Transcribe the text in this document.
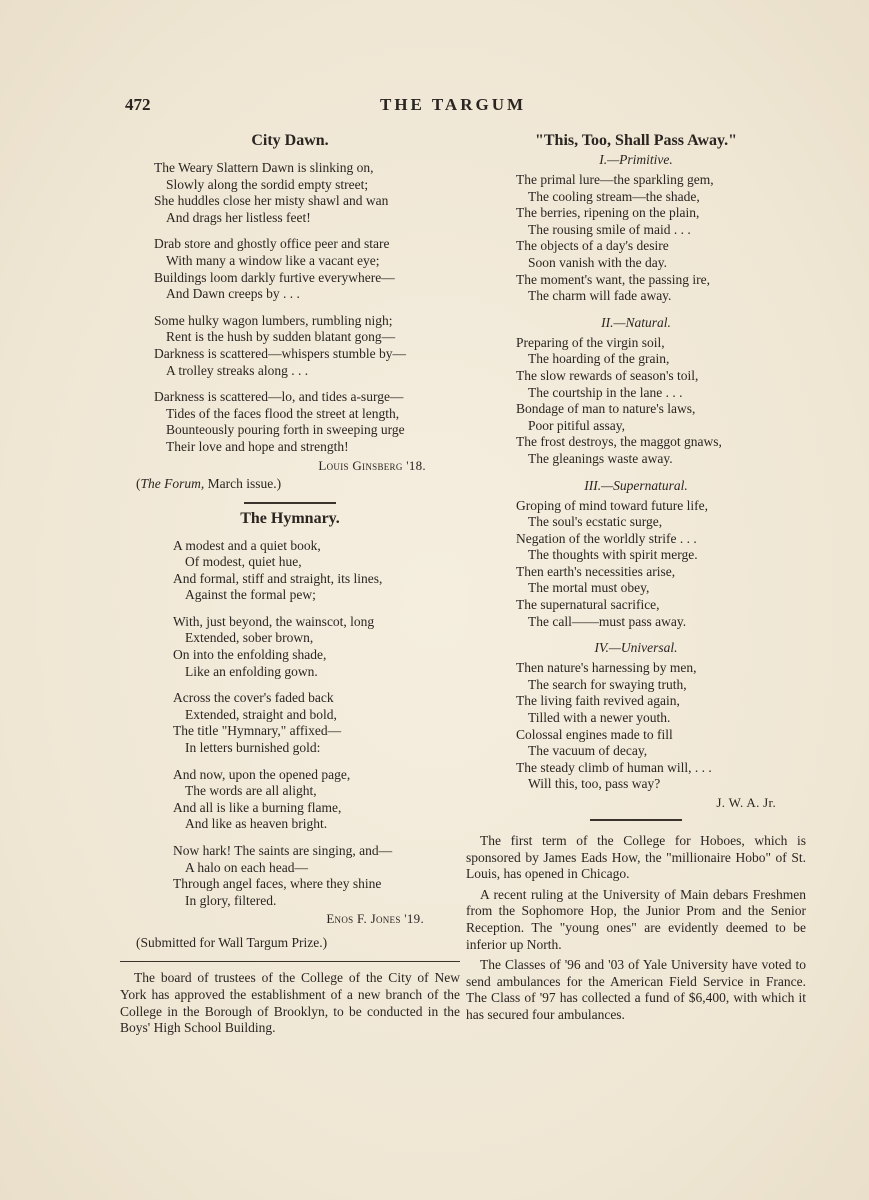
472	THE TARGUM
City Dawn.
The Weary Slattern Dawn is slinking on,
Slowly along the sordid empty street;
She huddles close her misty shawl and wan
And drags her listless feet!
Drab store and ghostly office peer and stare
With many a window like a vacant eye;
Buildings loom darkly furtive everywhere—
And Dawn creeps by . . .
Some hulky wagon lumbers, rumbling nigh;
Rent is the hush by sudden blatant gong—
Darkness is scattered—whispers stumble by—
A trolley streaks along . . .
Darkness is scattered—lo, and tides a-surge—
Tides of the faces flood the street at length,
Bounteously pouring forth in sweeping urge
Their love and hope and strength!
Louis Ginsberg '18.
(The Forum, March issue.)
The Hymnary.
A modest and a quiet book,
Of modest, quiet hue,
And formal, stiff and straight, its lines,
Against the formal pew;
With, just beyond, the wainscot, long
Extended, sober brown,
On into the enfolding shade,
Like an enfolding gown.
Across the cover's faded back
Extended, straight and bold,
The title "Hymnary," affixed—
In letters burnished gold:
And now, upon the opened page,
The words are all alight,
And all is like a burning flame,
And like as heaven bright.
Now hark! The saints are singing, and—
A halo on each head—
Through angel faces, where they shine
In glory, filtered.
Enos F. Jones '19.
(Submitted for Wall Targum Prize.)

The board of trustees of the College of the City of New York has approved the establishment of a new branch of the College in the Borough of Brooklyn, to be conducted in the Boys' High School Building.

"This, Too, Shall Pass Away."
I.—Primitive.
The primal lure—the sparkling gem,
The cooling stream—the shade,
The berries, ripening on the plain,
The rousing smile of maid . . .
The objects of a day's desire
Soon vanish with the day.
The moment's want, the passing ire,
The charm will fade away.
II.—Natural.
Preparing of the virgin soil,
The hoarding of the grain,
The slow rewards of season's toil,
The courtship in the lane . . .
Bondage of man to nature's laws,
Poor pitiful assay,
The frost destroys, the maggot gnaws,
The gleanings waste away.
III.—Supernatural.
Groping of mind toward future life,
The soul's ecstatic surge,
Negation of the worldly strife . . .
The thoughts with spirit merge.
Then earth's necessities arise,
The mortal must obey,
The supernatural sacrifice,
The call——must pass away.
IV.—Universal.
Then nature's harnessing by men,
The search for swaying truth,
The living faith revived again,
Tilled with a newer youth.
Colossal engines made to fill
The vacuum of decay,
The steady climb of human will, . . .
Will this, too, pass way?
J. W. A. Jr.

The first term of the College for Hoboes, which is sponsored by James Eads How, the "millionaire Hobo" of St. Louis, has opened in Chicago.

A recent ruling at the University of Main debars Freshmen from the Sophomore Hop, the Junior Prom and the Senior Reception. The "young ones" are evidently deemed to be inferior up North.

The Classes of '96 and '03 of Yale University have voted to send ambulances for the American Field Service in France. The Class of '97 has collected a fund of $6,400, with which it has secured four ambulances.
